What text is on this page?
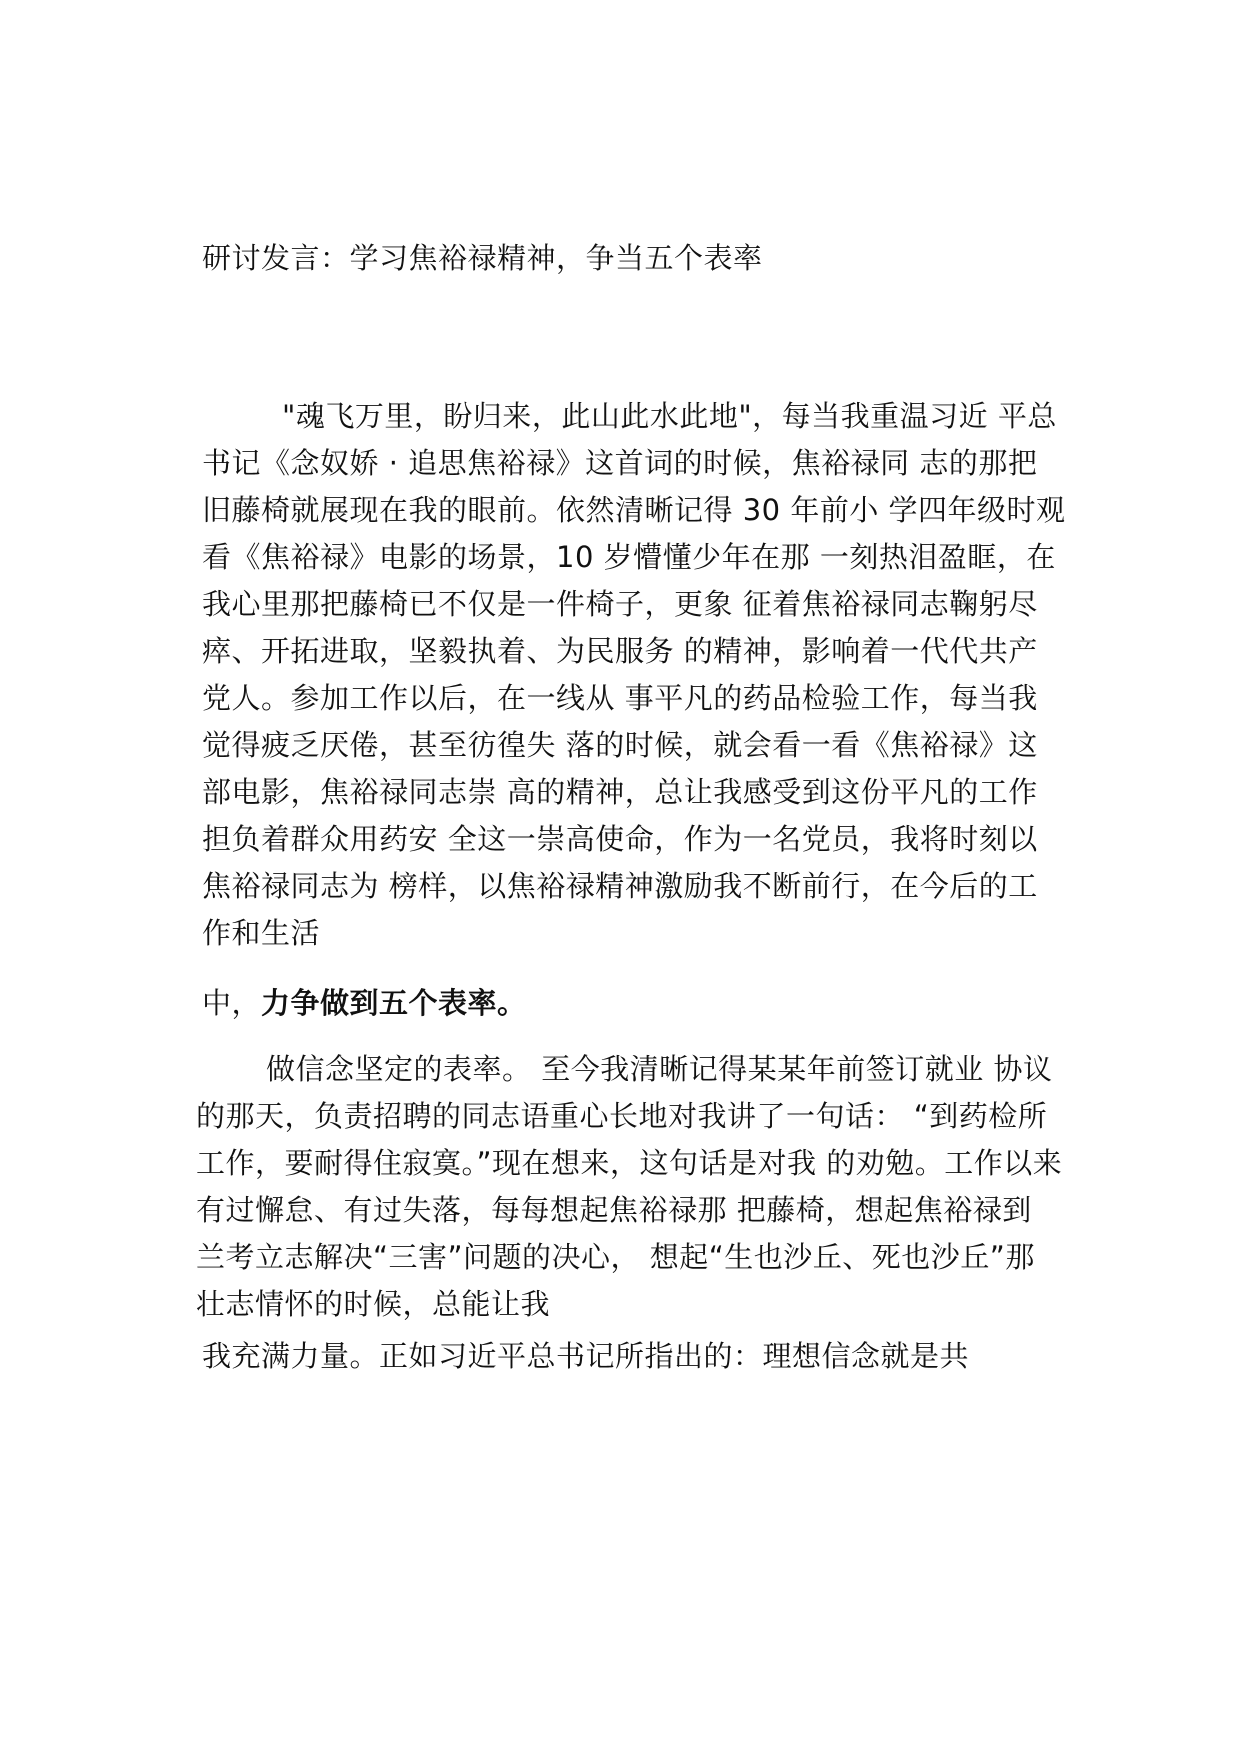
研讨发言：学习焦裕禄精神，争当五个表率
"魂飞万里，盼归来，此山此水此地"，每当我重温习近 平总
书记《念奴娇 · 追思焦裕禄》这首词的时候，焦裕禄同 志的那把
旧藤椅就展现在我的眼前。依然清晰记得 30 年前小 学四年级时观
看《焦裕禄》电影的场景，10 岁懵懂少年在那 一刻热泪盈眶，在
我心里那把藤椅已不仅是一件椅子，更象 征着焦裕禄同志鞠躬尽
瘁、开拓进取，坚毅执着、为民服务 的精神，影响着一代代共产
党人。参加工作以后，在一线从 事平凡的药品检验工作，每当我
觉得疲乏厌倦，甚至彷徨失 落的时候，就会看一看《焦裕禄》这
部电影，焦裕禄同志崇 高的精神，总让我感受到这份平凡的工作
担负着群众用药安 全这一崇高使命，作为一名党员，我将时刻以
焦裕禄同志为 榜样，以焦裕禄精神激励我不断前行，在今后的工
作和生活
中，力争做到五个表率。
做信念坚定的表率。 至今我清晰记得某某年前签订就业 协议
的那天，负责招聘的同志语重心长地对我讲了一句话： “到药检所
工作，要耐得住寂寞。”现在想来，这句话是对我 的劝勉。工作以来
有过懈怠、有过失落，每每想起焦裕禄那 把藤椅，想起焦裕禄到
兰考立志解决“三害”问题的决心， 想起“生也沙丘、死也沙丘”那
壮志情怀的时候，总能让我
我充满力量。正如习近平总书记所指出的：理想信念就是共
